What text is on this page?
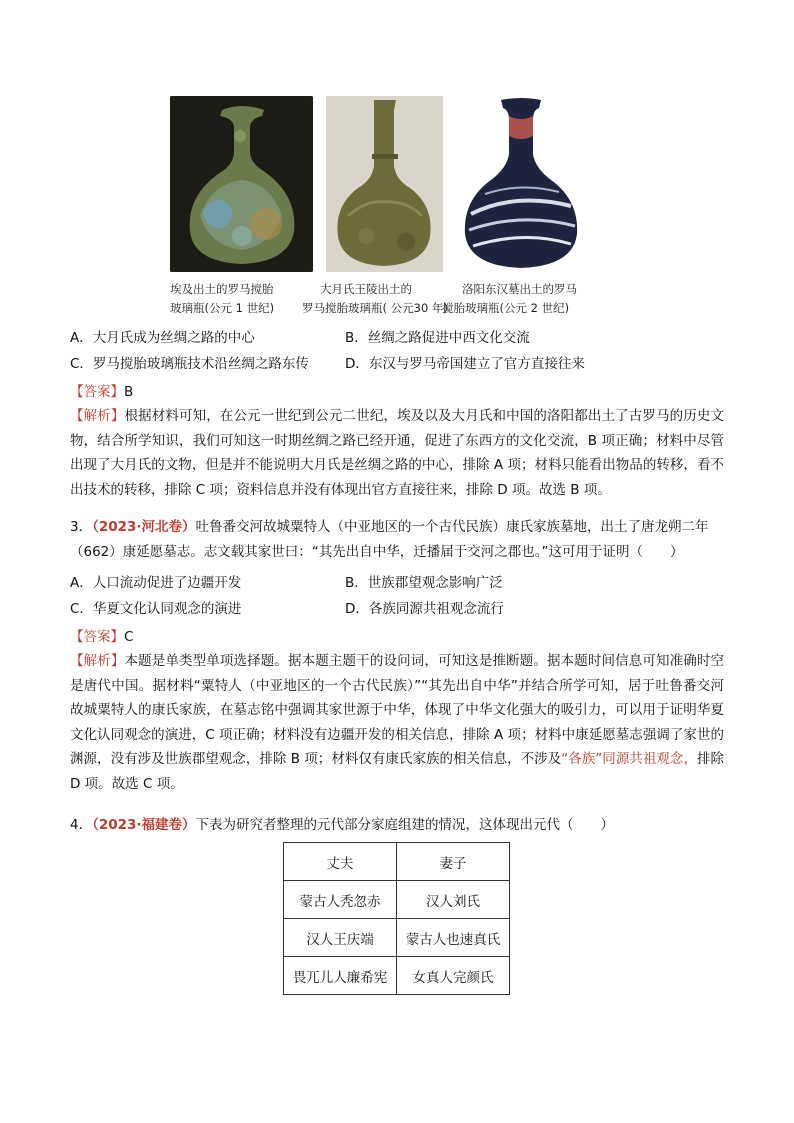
埃及出土的罗马搅胎
玻璃瓶(公元 1 世纪)
大月氏王陵出土的
罗马搅胎玻璃瓶( 公元30 年)
洛阳东汉墓出土的罗马
搅胎玻璃瓶(公元 2 世纪)
A．大月氏成为丝绸之路的中心	B．丝绸之路促进中西文化交流
C．罗马搅胎玻璃瓶技术沿丝绸之路东传	D．东汉与罗马帝国建立了官方直接往来
【答案】B
【解析】根据材料可知，在公元一世纪到公元二世纪，埃及以及大月氏和中国的洛阳都出土了古罗马的历史文物，结合所学知识，我们可知这一时期丝绸之路已经开通，促进了东西方的文化交流，B 项正确；材料中尽管出现了大月氏的文物，但是并不能说明大月氏是丝绸之路的中心，排除 A 项；材料只能看出物品的转移，看不出技术的转移，排除 C 项；资料信息并没有体现出官方直接往来，排除 D 项。故选 B 项。
3．（2023·河北卷）吐鲁番交河故城粟特人（中亚地区的一个古代民族）康氏家族墓地，出土了唐龙朔二年（662）康延愿墓志。志文载其家世曰：“其先出自中华，迁播届于交河之郡也。”这可用于证明（　　）
A．人口流动促进了边疆开发	B．世族郡望观念影响广泛
C．华夏文化认同观念的演进	D．各族同源共祖观念流行
【答案】C
【解析】本题是单类型单项选择题。据本题主题干的设问词，可知这是推断题。据本题时间信息可知准确时空是唐代中国。据材料“粟特人（中亚地区的一个古代民族）”“其先出自中华”并结合所学可知，居于吐鲁番交河故城粟特人的康氏家族，在墓志铭中强调其家世源于中华，体现了中华文化强大的吸引力，可以用于证明华夏文化认同观念的演进，C 项正确；材料没有边疆开发的相关信息，排除 A 项；材料中康延愿墓志强调了家世的渊源，没有涉及世族郡望观念，排除 B 项；材料仅有康氏家族的相关信息，不涉及“各族”同源共祖观念，排除 D 项。故选 C 项。
4．（2023·福建卷）下表为研究者整理的元代部分家庭组建的情况，这体现出元代（　　）
丈夫	妻子
蒙古人秃忽赤	汉人刘氏
汉人王庆端	蒙古人也速真氏
畏兀儿人廉希宪	女真人完颜氏
